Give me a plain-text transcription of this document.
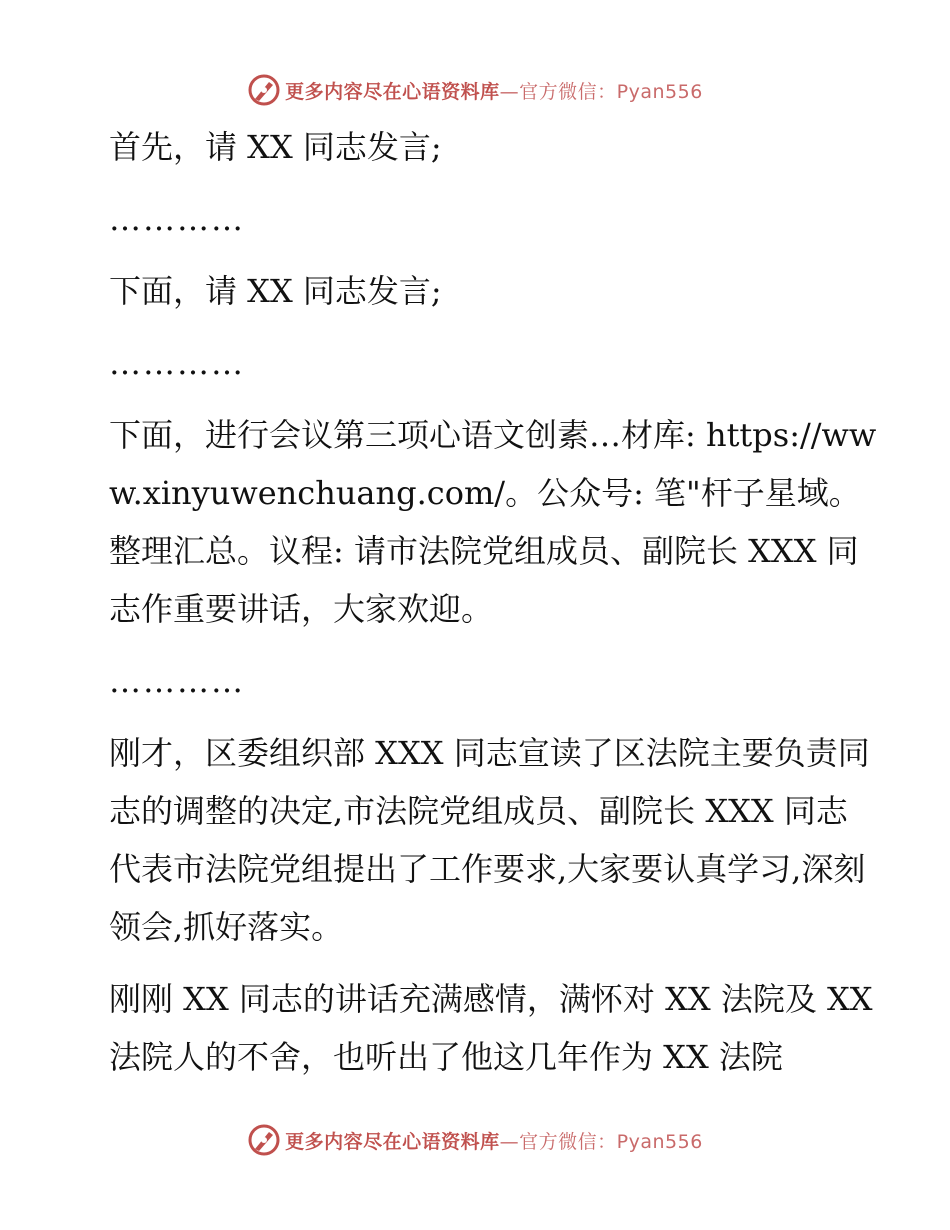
更多内容尽在心语资料库—官方微信：Pyan556

首先，请 XX 同志发言;

…………

下面，请 XX 同志发言;

…………

下面，进行会议第三项心语文创素…材库: https://www.xinyuwenchuang.com/。公众号: 笔"杆子星域。整理汇总。议程: 请市法院党组成员、副院长 XXX 同志作重要讲话，大家欢迎。

…………

刚才，区委组织部 XXX 同志宣读了区法院主要负责同志的调整的决定,市法院党组成员、副院长 XXX 同志代表市法院党组提出了工作要求,大家要认真学习,深刻领会,抓好落实。

刚刚 XX 同志的讲话充满感情，满怀对 XX 法院及 XX 法院人的不舍，也听出了他这几年作为 XX 法院

更多内容尽在心语资料库—官方微信：Pyan556
